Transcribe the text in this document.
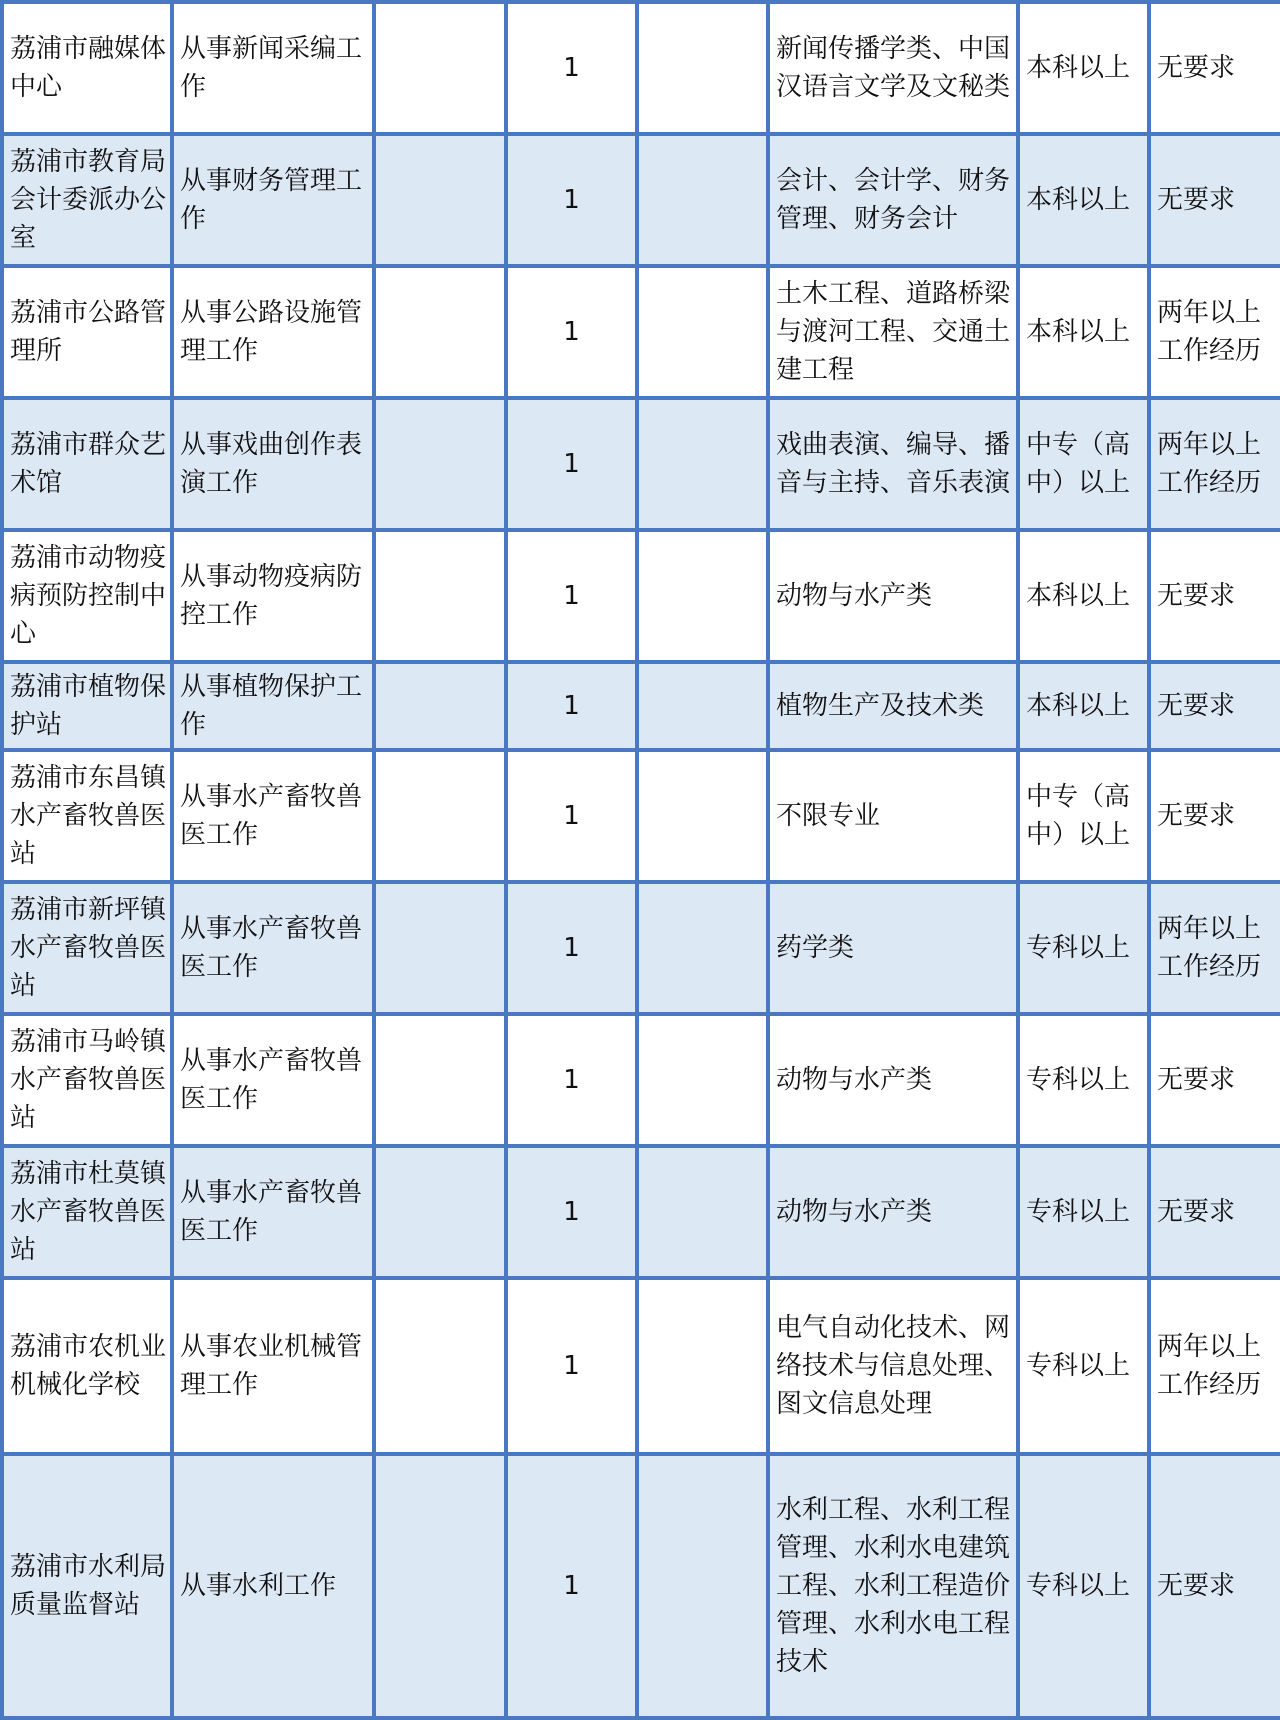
荔浦市融媒体中心	从事新闻采编工作		1		新闻传播学类、中国汉语言文学及文秘类	本科以上	无要求
荔浦市教育局会计委派办公室	从事财务管理工作		1		会计、会计学、财务管理、财务会计	本科以上	无要求
荔浦市公路管理所	从事公路设施管理工作		1		土木工程、道路桥梁与渡河工程、交通土建工程	本科以上	两年以上工作经历
荔浦市群众艺术馆	从事戏曲创作表演工作		1		戏曲表演、编导、播音与主持、音乐表演	中专（高中）以上	两年以上工作经历
荔浦市动物疫病预防控制中心	从事动物疫病防控工作		1		动物与水产类	本科以上	无要求
荔浦市植物保护站	从事植物保护工作		1		植物生产及技术类	本科以上	无要求
荔浦市东昌镇水产畜牧兽医站	从事水产畜牧兽医工作		1		不限专业	中专（高中）以上	无要求
荔浦市新坪镇水产畜牧兽医站	从事水产畜牧兽医工作		1		药学类	专科以上	两年以上工作经历
荔浦市马岭镇水产畜牧兽医站	从事水产畜牧兽医工作		1		动物与水产类	专科以上	无要求
荔浦市杜莫镇水产畜牧兽医站	从事水产畜牧兽医工作		1		动物与水产类	专科以上	无要求
荔浦市农机业机械化学校	从事农业机械管理工作		1		电气自动化技术、网络技术与信息处理、图文信息处理	专科以上	两年以上工作经历
荔浦市水利局质量监督站	从事水利工作		1		水利工程、水利工程管理、水利水电建筑工程、水利工程造价管理、水利水电工程技术	专科以上	无要求
